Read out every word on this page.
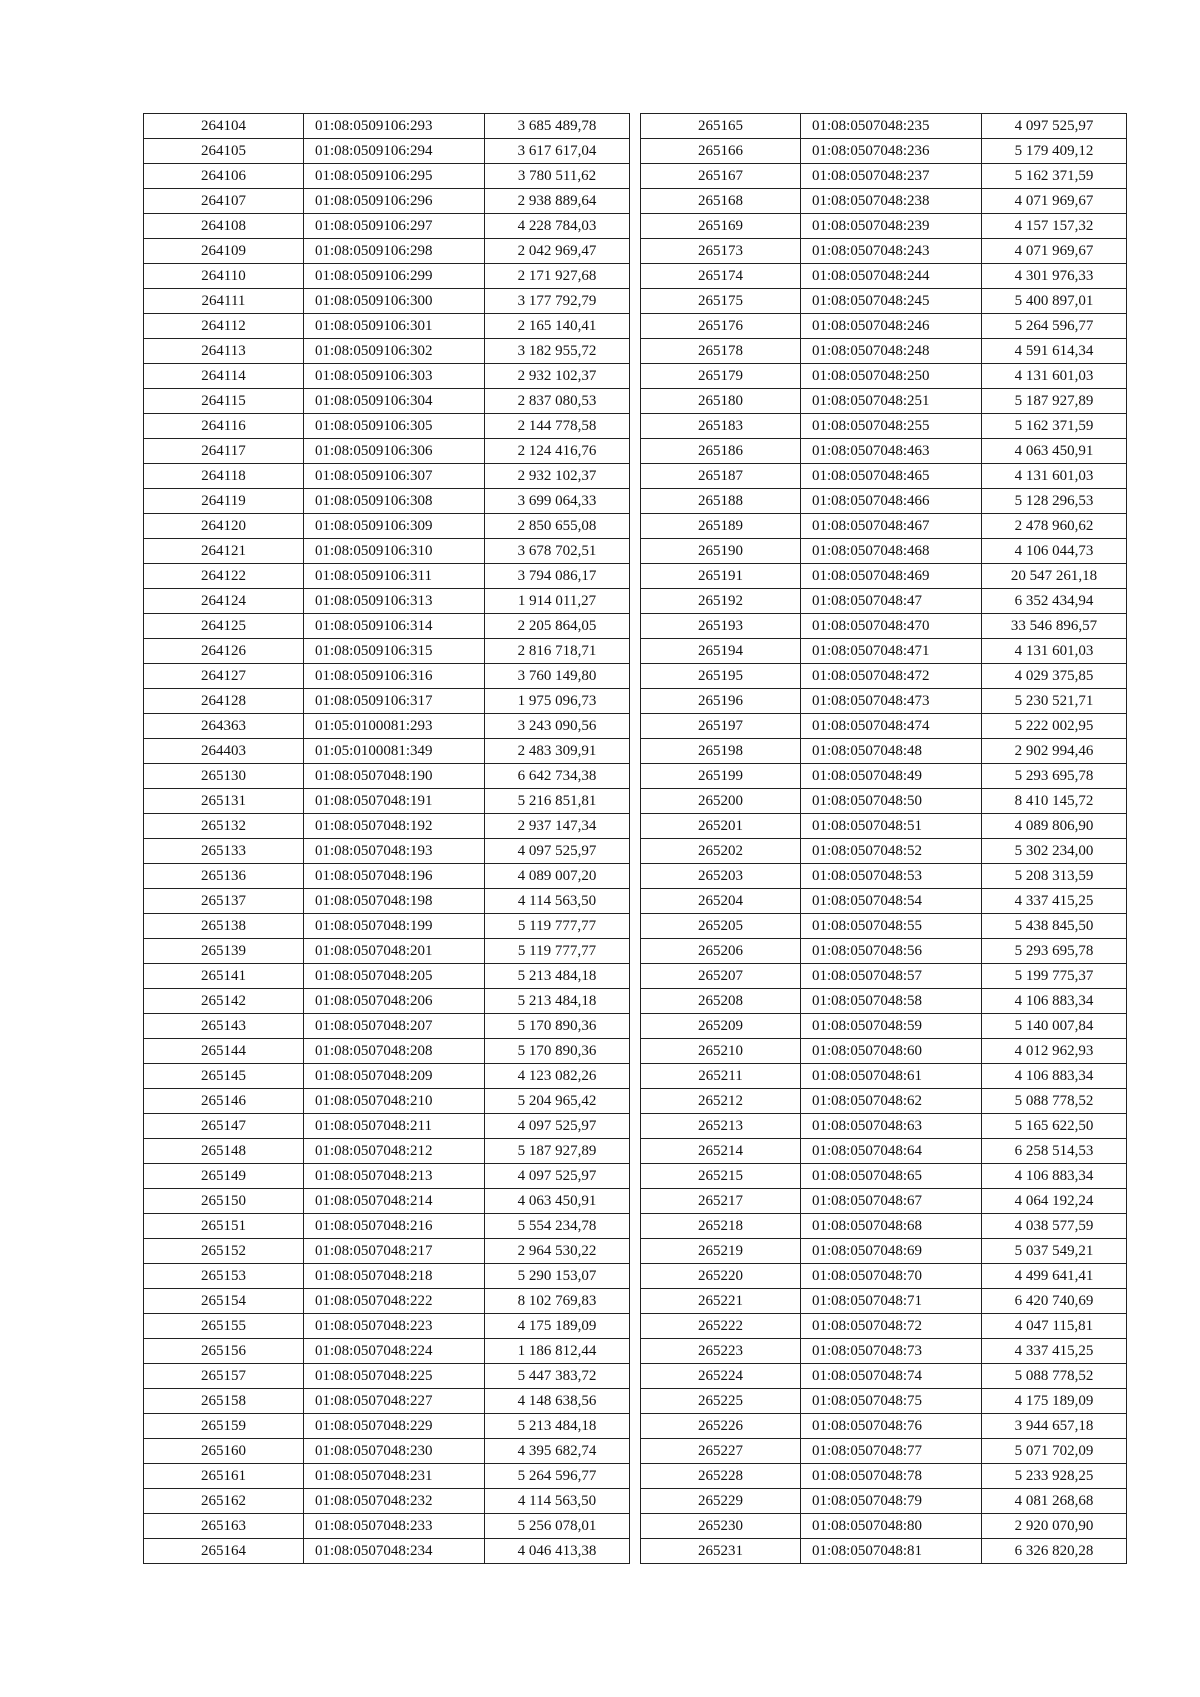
264104	01:08:0509106:293	3 685 489,78
264105	01:08:0509106:294	3 617 617,04
264106	01:08:0509106:295	3 780 511,62
264107	01:08:0509106:296	2 938 889,64
264108	01:08:0509106:297	4 228 784,03
264109	01:08:0509106:298	2 042 969,47
264110	01:08:0509106:299	2 171 927,68
264111	01:08:0509106:300	3 177 792,79
264112	01:08:0509106:301	2 165 140,41
264113	01:08:0509106:302	3 182 955,72
264114	01:08:0509106:303	2 932 102,37
264115	01:08:0509106:304	2 837 080,53
264116	01:08:0509106:305	2 144 778,58
264117	01:08:0509106:306	2 124 416,76
264118	01:08:0509106:307	2 932 102,37
264119	01:08:0509106:308	3 699 064,33
264120	01:08:0509106:309	2 850 655,08
264121	01:08:0509106:310	3 678 702,51
264122	01:08:0509106:311	3 794 086,17
264124	01:08:0509106:313	1 914 011,27
264125	01:08:0509106:314	2 205 864,05
264126	01:08:0509106:315	2 816 718,71
264127	01:08:0509106:316	3 760 149,80
264128	01:08:0509106:317	1 975 096,73
264363	01:05:0100081:293	3 243 090,56
264403	01:05:0100081:349	2 483 309,91
265130	01:08:0507048:190	6 642 734,38
265131	01:08:0507048:191	5 216 851,81
265132	01:08:0507048:192	2 937 147,34
265133	01:08:0507048:193	4 097 525,97
265136	01:08:0507048:196	4 089 007,20
265137	01:08:0507048:198	4 114 563,50
265138	01:08:0507048:199	5 119 777,77
265139	01:08:0507048:201	5 119 777,77
265141	01:08:0507048:205	5 213 484,18
265142	01:08:0507048:206	5 213 484,18
265143	01:08:0507048:207	5 170 890,36
265144	01:08:0507048:208	5 170 890,36
265145	01:08:0507048:209	4 123 082,26
265146	01:08:0507048:210	5 204 965,42
265147	01:08:0507048:211	4 097 525,97
265148	01:08:0507048:212	5 187 927,89
265149	01:08:0507048:213	4 097 525,97
265150	01:08:0507048:214	4 063 450,91
265151	01:08:0507048:216	5 554 234,78
265152	01:08:0507048:217	2 964 530,22
265153	01:08:0507048:218	5 290 153,07
265154	01:08:0507048:222	8 102 769,83
265155	01:08:0507048:223	4 175 189,09
265156	01:08:0507048:224	1 186 812,44
265157	01:08:0507048:225	5 447 383,72
265158	01:08:0507048:227	4 148 638,56
265159	01:08:0507048:229	5 213 484,18
265160	01:08:0507048:230	4 395 682,74
265161	01:08:0507048:231	5 264 596,77
265162	01:08:0507048:232	4 114 563,50
265163	01:08:0507048:233	5 256 078,01
265164	01:08:0507048:234	4 046 413,38
265165	01:08:0507048:235	4 097 525,97
265166	01:08:0507048:236	5 179 409,12
265167	01:08:0507048:237	5 162 371,59
265168	01:08:0507048:238	4 071 969,67
265169	01:08:0507048:239	4 157 157,32
265173	01:08:0507048:243	4 071 969,67
265174	01:08:0507048:244	4 301 976,33
265175	01:08:0507048:245	5 400 897,01
265176	01:08:0507048:246	5 264 596,77
265178	01:08:0507048:248	4 591 614,34
265179	01:08:0507048:250	4 131 601,03
265180	01:08:0507048:251	5 187 927,89
265183	01:08:0507048:255	5 162 371,59
265186	01:08:0507048:463	4 063 450,91
265187	01:08:0507048:465	4 131 601,03
265188	01:08:0507048:466	5 128 296,53
265189	01:08:0507048:467	2 478 960,62
265190	01:08:0507048:468	4 106 044,73
265191	01:08:0507048:469	20 547 261,18
265192	01:08:0507048:47	6 352 434,94
265193	01:08:0507048:470	33 546 896,57
265194	01:08:0507048:471	4 131 601,03
265195	01:08:0507048:472	4 029 375,85
265196	01:08:0507048:473	5 230 521,71
265197	01:08:0507048:474	5 222 002,95
265198	01:08:0507048:48	2 902 994,46
265199	01:08:0507048:49	5 293 695,78
265200	01:08:0507048:50	8 410 145,72
265201	01:08:0507048:51	4 089 806,90
265202	01:08:0507048:52	5 302 234,00
265203	01:08:0507048:53	5 208 313,59
265204	01:08:0507048:54	4 337 415,25
265205	01:08:0507048:55	5 438 845,50
265206	01:08:0507048:56	5 293 695,78
265207	01:08:0507048:57	5 199 775,37
265208	01:08:0507048:58	4 106 883,34
265209	01:08:0507048:59	5 140 007,84
265210	01:08:0507048:60	4 012 962,93
265211	01:08:0507048:61	4 106 883,34
265212	01:08:0507048:62	5 088 778,52
265213	01:08:0507048:63	5 165 622,50
265214	01:08:0507048:64	6 258 514,53
265215	01:08:0507048:65	4 106 883,34
265217	01:08:0507048:67	4 064 192,24
265218	01:08:0507048:68	4 038 577,59
265219	01:08:0507048:69	5 037 549,21
265220	01:08:0507048:70	4 499 641,41
265221	01:08:0507048:71	6 420 740,69
265222	01:08:0507048:72	4 047 115,81
265223	01:08:0507048:73	4 337 415,25
265224	01:08:0507048:74	5 088 778,52
265225	01:08:0507048:75	4 175 189,09
265226	01:08:0507048:76	3 944 657,18
265227	01:08:0507048:77	5 071 702,09
265228	01:08:0507048:78	5 233 928,25
265229	01:08:0507048:79	4 081 268,68
265230	01:08:0507048:80	2 920 070,90
265231	01:08:0507048:81	6 326 820,28
